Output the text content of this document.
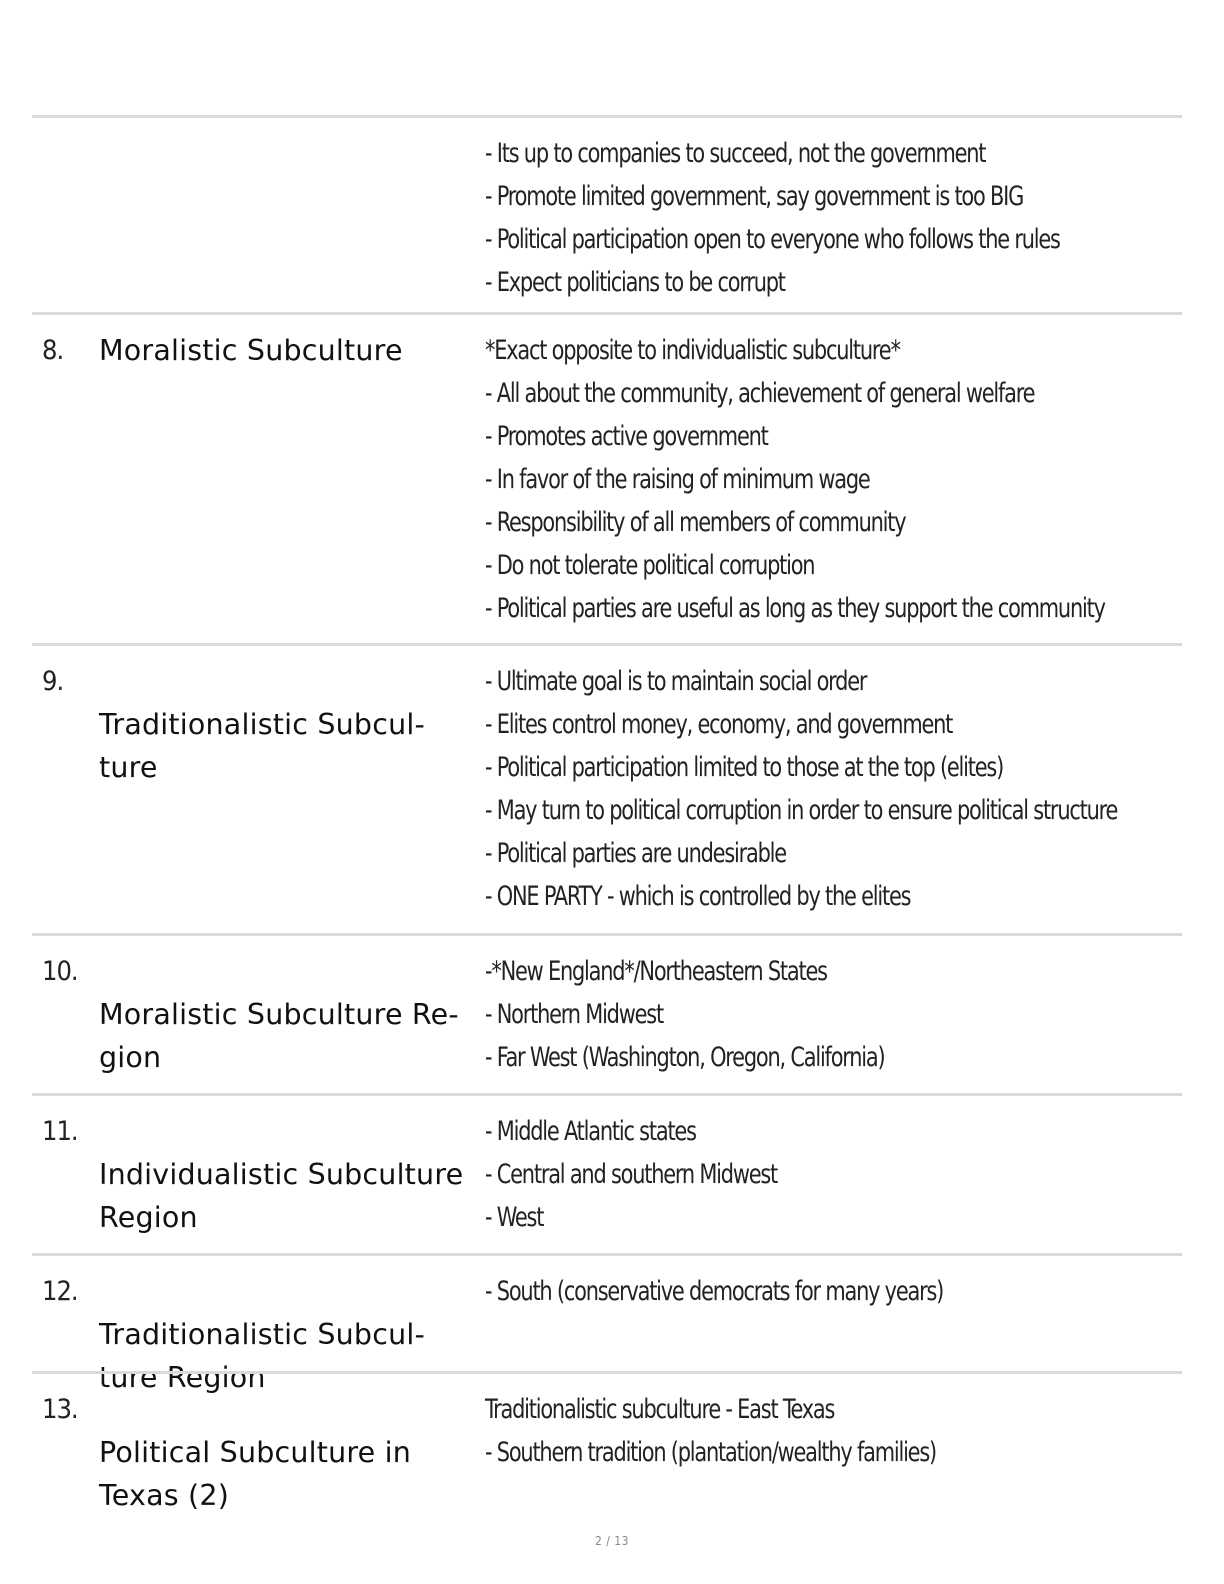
- Its up to companies to succeed, not the government
- Promote limited government, say government is too BIG
- Political participation open to everyone who follows the rules
- Expect politicians to be corrupt
8. Moralistic Subculture	*Exact opposite to individualistic subculture*
- All about the community, achievement of general welfare
- Promotes active government
- In favor of the raising of minimum wage
- Responsibility of all members of community
- Do not tolerate political corruption
- Political parties are useful as long as they support the community
9.

Traditionalistic Subcul-
ture

- Ultimate goal is to maintain social order
- Elites control money, economy, and government
- Political participation limited to those at the top (elites)
- May turn to political corruption in order to ensure political structure
- Political parties are undesirable
- ONE PARTY - which is controlled by the elites
10.

Moralistic Subculture Re-
gion

-*New England*/Northeastern States
- Northern Midwest
- Far West (Washington, Oregon, California)
11.

Individualistic Subculture
Region

- Middle Atlantic states
- Central and southern Midwest
- West
12.

Traditionalistic Subcul-
ture Region

- South (conservative democrats for many years)
13.

Political Subculture in
Texas (2)

Traditionalistic subculture - East Texas
- Southern tradition (plantation/wealthy families)
2 / 13
